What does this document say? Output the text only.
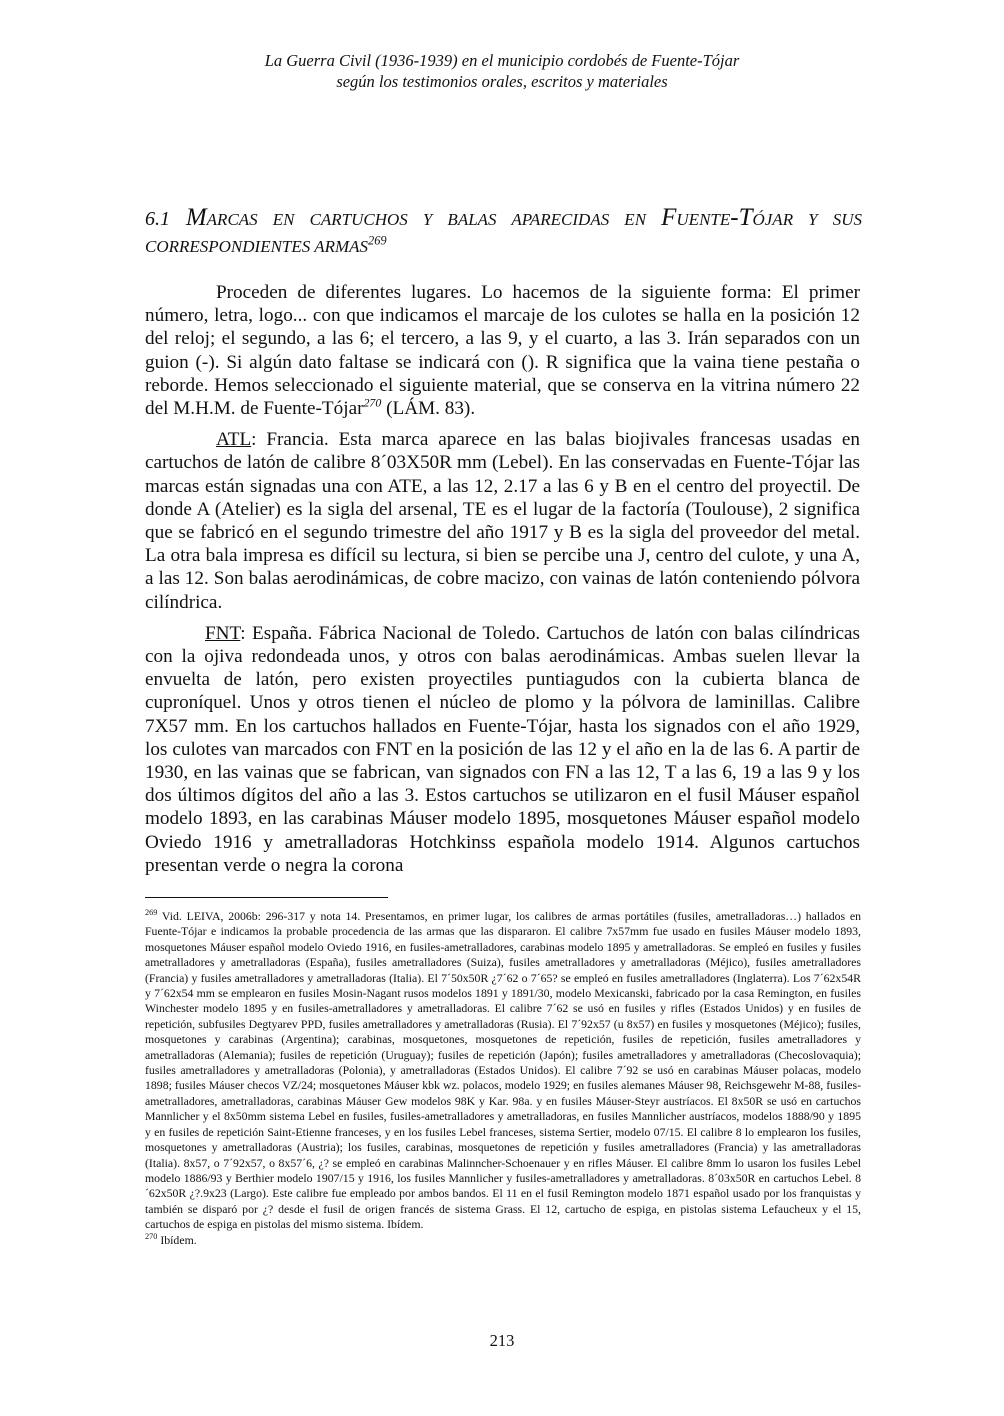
La Guerra Civil (1936-1939) en el municipio cordobés de Fuente-Tójar
según los testimonios orales, escritos y materiales
6.1 MARCAS EN CARTUCHOS Y BALAS APARECIDAS EN FUENTE-TÓJAR Y SUS CORRESPONDIENTES ARMAS$^{269}$

Proceden de diferentes lugares. Lo hacemos de la siguiente forma: El primer número, letra, logo... con que indicamos el marcaje de los culotes se halla en la posición 12 del reloj; el segundo, a las 6; el tercero, a las 9, y el cuarto, a las 3. Irán separados con un guion (-). Si algún dato faltase se indicará con (). R significa que la vaina tiene pestaña o reborde. Hemos seleccionado el siguiente material, que se conserva en la vitrina número 22 del M.H.M. de Fuente-Tójar$^{270}$ (LÁM. 83).

ATL: Francia. Esta marca aparece en las balas biojivales francesas usadas en cartuchos de latón de calibre 8´03X50R mm (Lebel). En las conservadas en Fuente-Tójar las marcas están signadas una con ATE, a las 12, 2.17 a las 6 y B en el centro del proyectil. De donde A (Atelier) es la sigla del arsenal, TE es el lugar de la factoría (Toulouse), 2 significa que se fabricó en el segundo trimestre del año 1917 y B es la sigla del proveedor del metal. La otra bala impresa es difícil su lectura, si bien se percibe una J, centro del culote, y una A, a las 12. Son balas aerodinámicas, de cobre macizo, con vainas de latón conteniendo pólvora cilíndrica.

FNT: España. Fábrica Nacional de Toledo. Cartuchos de latón con balas cilíndricas con la ojiva redondeada unos, y otros con balas aerodinámicas. Ambas suelen llevar la envuelta de latón, pero existen proyectiles puntiagudos con la cubierta blanca de cuproníquel. Unos y otros tienen el núcleo de plomo y la pólvora de laminillas. Calibre 7X57 mm. En los cartuchos hallados en Fuente-Tójar, hasta los signados con el año 1929, los culotes van marcados con FNT en la posición de las 12 y el año en la de las 6. A partir de 1930, en las vainas que se fabrican, van signados con FN a las 12, T a las 6, 19 a las 9 y los dos últimos dígitos del año a las 3. Estos cartuchos se utilizaron en el fusil Máuser español modelo 1893, en las carabinas Máuser modelo 1895, mosquetones Máuser español modelo Oviedo 1916 y ametralladoras Hotchkinss española modelo 1914. Algunos cartuchos presentan verde o negra la corona

$^{269}$ Vid. LEIVA, 2006b: 296-317 y nota 14. Presentamos, en primer lugar, los calibres de armas portátiles (fusiles, ametralladoras…) hallados en Fuente-Tójar e indicamos la probable procedencia de las armas que las dispararon. El calibre 7x57mm fue usado en fusiles Máuser modelo 1893, mosquetones Máuser español modelo Oviedo 1916, en fusiles-ametralladores, carabinas modelo 1895 y ametralladoras. Se empleó en fusiles y fusiles ametralladores y ametralladoras (España), fusiles ametralladores (Suiza), fusiles ametralladores y ametralladoras (Méjico), fusiles ametralladores (Francia) y fusiles ametralladores y ametralladoras (Italia). El 7´50x50R ¿7´62 o 7´65? se empleó en fusiles ametralladores (Inglaterra). Los 7´62x54R y 7´62x54 mm se emplearon en fusiles Mosin-Nagant rusos modelos 1891 y 1891/30, modelo Mexicanski, fabricado por la casa Remington, en fusiles Winchester modelo 1895 y en fusiles-ametralladores y ametralladoras. El calibre 7´62 se usó en fusiles y rifles (Estados Unidos) y en fusiles de repetición, subfusiles Degtyarev PPD, fusiles ametralladores y ametralladoras (Rusia). El 7´92x57 (u 8x57) en fusiles y mosquetones (Méjico); fusiles, mosquetones y carabinas (Argentina); carabinas, mosquetones, mosquetones de repetición, fusiles de repetición, fusiles ametralladores y ametralladoras (Alemania); fusiles de repetición (Uruguay); fusiles de repetición (Japón); fusiles ametralladores y ametralladoras (Checoslovaquia); fusiles ametralladores y ametralladoras (Polonia), y ametralladoras (Estados Unidos). El calibre 7´92 se usó en carabinas Máuser polacas, modelo 1898; fusiles Máuser checos VZ/24; mosquetones Máuser kbk wz. polacos, modelo 1929; en fusiles alemanes Máuser 98, Reichsgewehr M-88, fusiles-ametralladores, ametralladoras, carabinas Máuser Gew modelos 98K y Kar. 98a. y en fusiles Máuser-Steyr austríacos. El 8x50R se usó en cartuchos Mannlicher y el 8x50mm sistema Lebel en fusiles, fusiles-ametralladores y ametralladoras, en fusiles Mannlicher austríacos, modelos 1888/90 y 1895 y en fusiles de repetición Saint-Etienne franceses, y en los fusiles Lebel franceses, sistema Sertier, modelo 07/15. El calibre 8 lo emplearon los fusiles, mosquetones y ametralladoras (Austria); los fusiles, carabinas, mosquetones de repetición y fusiles ametralladores (Francia) y las ametralladoras (Italia). 8x57, o 7´92x57, o 8x57´6, ¿? se empleó en carabinas Malinncher-Schoenauer y en rifles Máuser. El calibre 8mm lo usaron los fusiles Lebel modelo 1886/93 y Berthier modelo 1907/15 y 1916, los fusiles Mannlicher y fusiles-ametralladores y ametralladoras. 8´03x50R en cartuchos Lebel. 8´62x50R ¿?.9x23 (Largo). Este calibre fue empleado por ambos bandos. El 11 en el fusil Remington modelo 1871 español usado por los franquistas y también se disparó por ¿? desde el fusil de origen francés de sistema Grass. El 12, cartucho de espiga, en pistolas sistema Lefaucheux y el 15, cartuchos de espiga en pistolas del mismo sistema. Ibídem.

$^{270}$ Ibídem.

213
